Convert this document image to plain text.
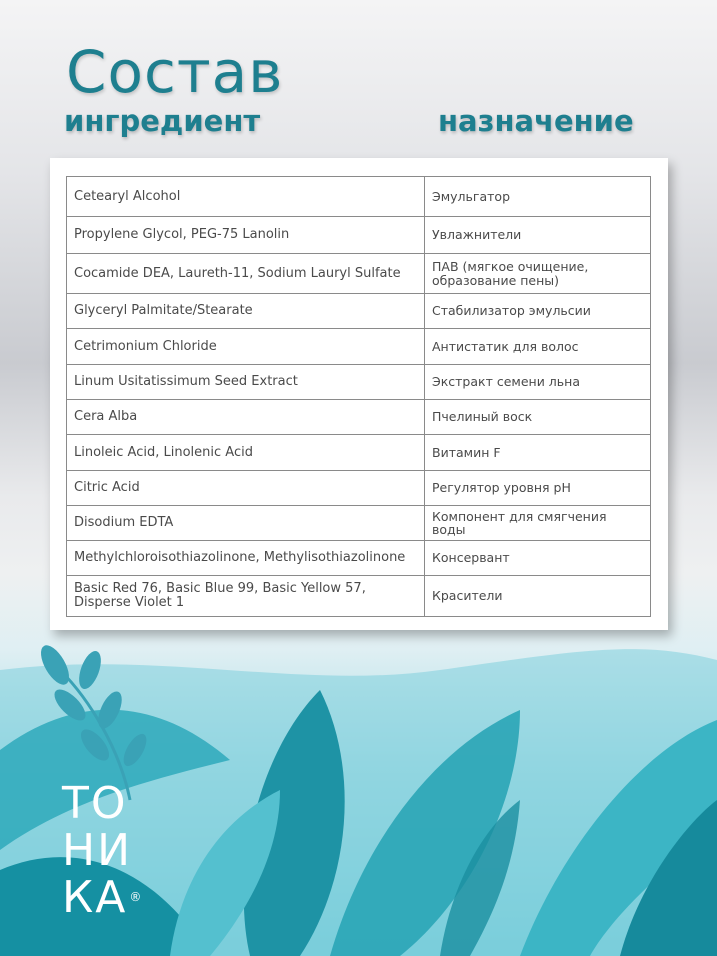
Состав
ингредиент	назначение
Cetearyl Alcohol	Эмульгатор
Propylene Glycol, PEG-75 Lanolin	Увлажнители
Cocamide DEA, Laureth-11, Sodium Lauryl Sulfate	ПАВ (мягкое очищение, образование пены)
Glyceryl Palmitate/Stearate	Стабилизатор эмульсии
Cetrimonium Chloride	Антистатик для волос
Linum Usitatissimum Seed Extract	Экстракт семени льна
Cera Alba	Пчелиный воск
Linoleic Acid, Linolenic Acid	Витамин F
Citric Acid	Регулятор уровня pH
Disodium EDTA	Компонент для смягчения воды
Methylchloroisothiazolinone, Methylisothiazolinone	Консервант
Basic Red 76, Basic Blue 99, Basic Yellow 57, Disperse Violet 1	Красители
ТО
НИ
КА ®
